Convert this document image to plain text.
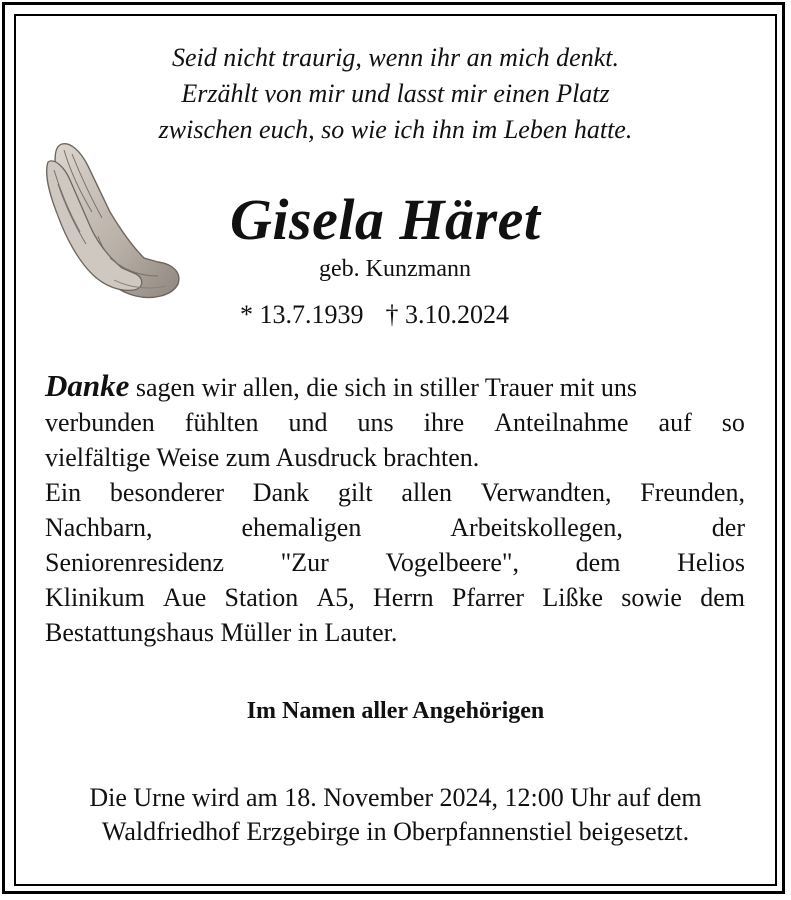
Seid nicht traurig, wenn ihr an mich denkt.
Erzählt von mir und lasst mir einen Platz
zwischen euch, so wie ich ihn im Leben hatte.
Gisela Häret
geb. Kunzmann
* 13.7.1939 † 3.10.2024
Danke sagen wir allen, die sich in stiller Trauer mit uns
verbunden fühlten und uns ihre Anteilnahme auf so
vielfältige Weise zum Ausdruck brachten.
Ein besonderer Dank gilt allen Verwandten, Freunden,
Nachbarn,	ehemaligen	Arbeitskollegen,	der
Seniorenresidenz "Zur Vogelbeere", dem Helios
Klinikum Aue Station A5, Herrn Pfarrer Lißke sowie dem
Bestattungshaus Müller in Lauter.
Im Namen aller Angehörigen
Die Urne wird am 18. November 2024, 12:00 Uhr auf dem
Waldfriedhof Erzgebirge in Oberpfannenstiel beigesetzt.
